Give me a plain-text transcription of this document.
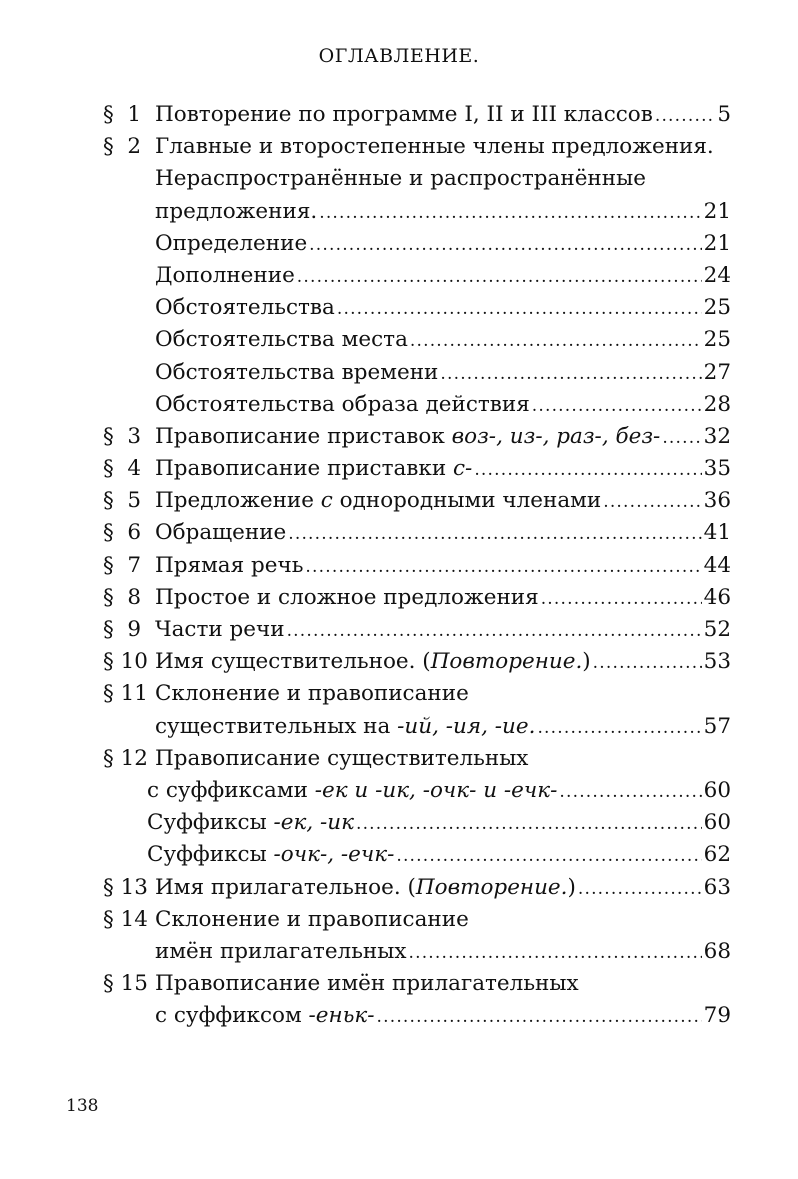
ОГЛАВЛЕНИЕ.
§  1 Повторение по программе I, II и III классов .....	5
§  2 Главные и второстепенные члены предложения.
Нераспространённые и распространённые
предложения. .....	21
Определение .....	21
Дополнение .....	24
Обстоятельства .....	25
Обстоятельства места .....	25
Обстоятельства времени .....	27
Обстоятельства образа действия .....	28
§  3 Правописание приставок воз-, из-, раз-, без- ..... 32
§  4 Правописание приставки с- .....	35
§  5 Предложение с однородными членами .....	36
§  6 Обращение .....	41
§  7 Прямая речь .....	44
§  8 Простое и сложное предложения .....	46
§  9 Части речи .....	52
§ 10 Имя существительное. (Повторение.) .....	53
§ 11 Склонение и правописание
существительных на -ий, -ия, -ие. .....	57
§ 12 Правописание существительных
с суффиксами -ек и -ик, -очк- и -ечк- .....	60
Суффиксы -ек, -ик .....	60
Суффиксы -очк-, -ечк- .....	62
§ 13 Имя прилагательное. (Повторение.) .....	63
§ 14 Склонение и правописание
имён прилагательных .....	68
§ 15 Правописание имён прилагательных
с суффиксом -еньк- .....	79
138
